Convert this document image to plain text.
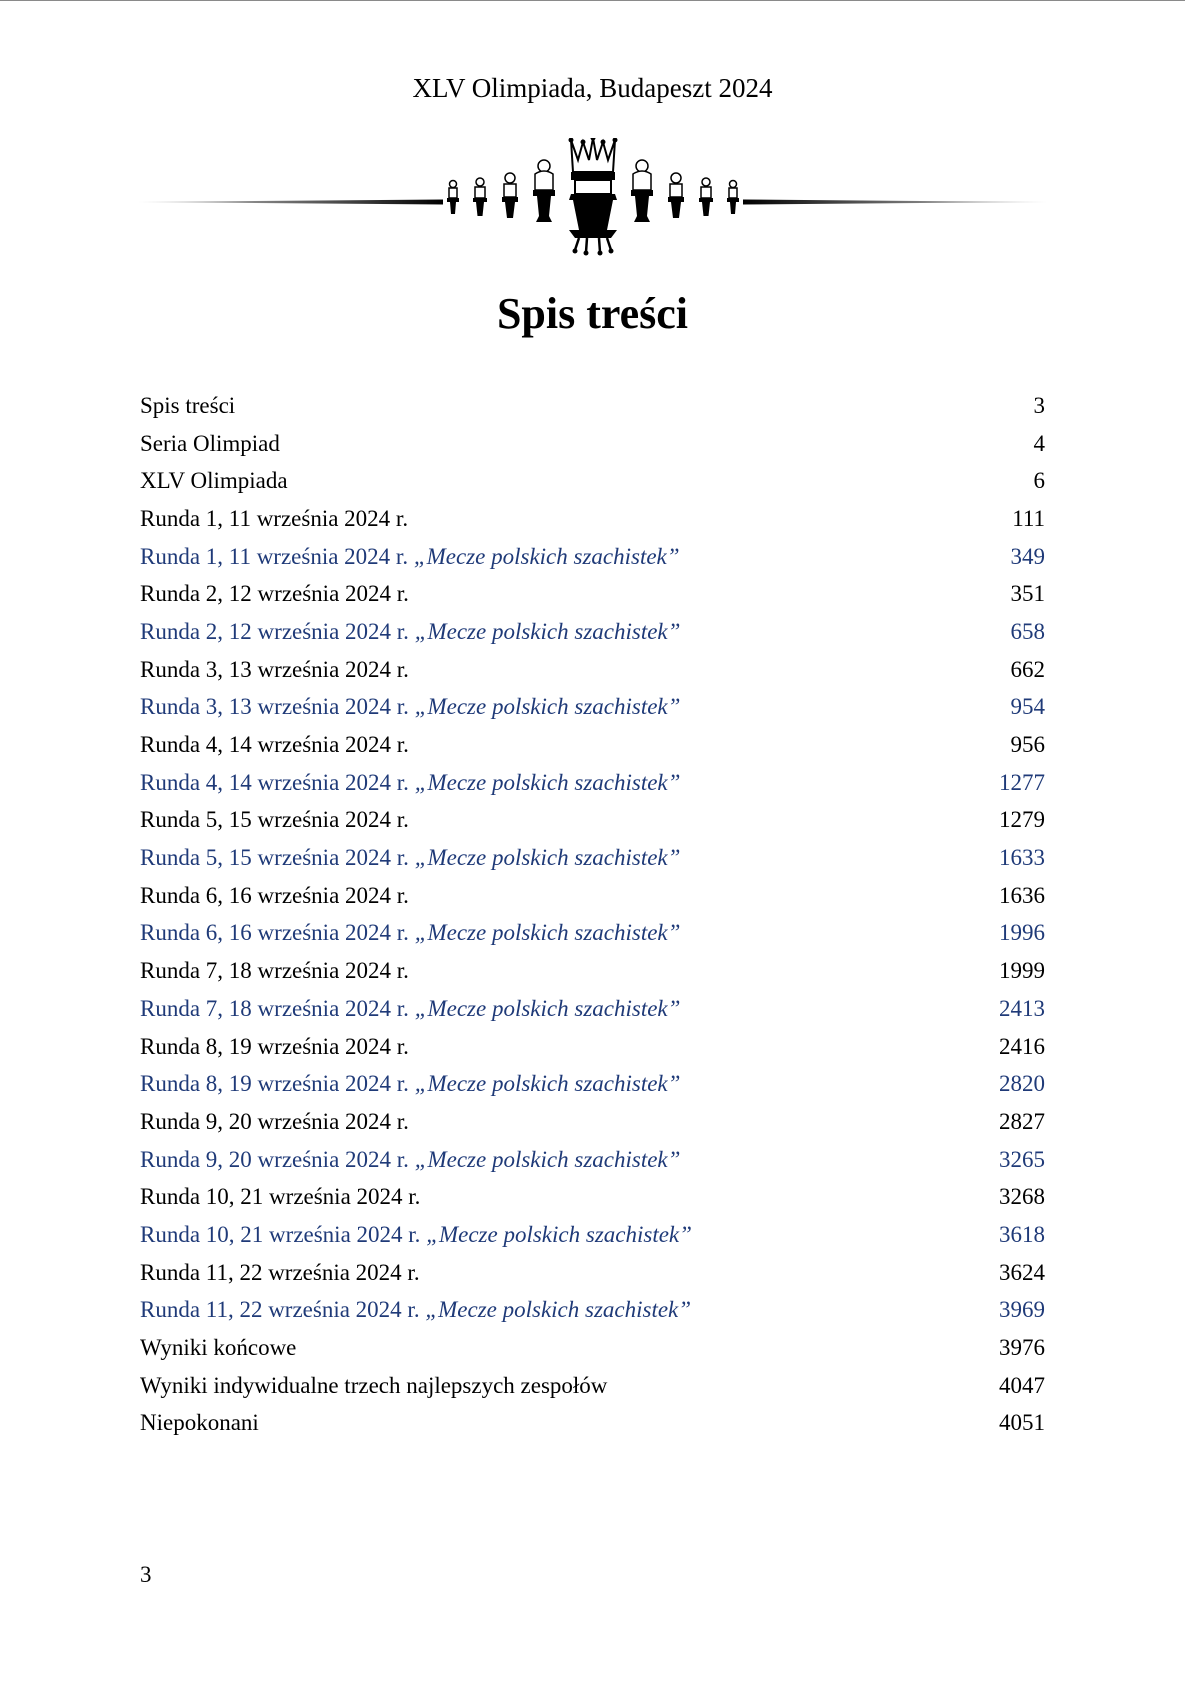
XLV Olimpiada, Budapeszt 2024
Spis treści
Spis treści	3
Seria Olimpiad	4
XLV Olimpiada	6
Runda 1, 11 września 2024 r.	111
Runda 1, 11 września 2024 r. „Mecze polskich szachistek”	349
Runda 2, 12 września 2024 r.	351
Runda 2, 12 września 2024 r. „Mecze polskich szachistek”	658
Runda 3, 13 września 2024 r.	662
Runda 3, 13 września 2024 r. „Mecze polskich szachistek”	954
Runda 4, 14 września 2024 r.	956
Runda 4, 14 września 2024 r. „Mecze polskich szachistek”	1277
Runda 5, 15 września 2024 r.	1279
Runda 5, 15 września 2024 r. „Mecze polskich szachistek”	1633
Runda 6, 16 września 2024 r.	1636
Runda 6, 16 września 2024 r. „Mecze polskich szachistek”	1996
Runda 7, 18 września 2024 r.	1999
Runda 7, 18 września 2024 r. „Mecze polskich szachistek”	2413
Runda 8, 19 września 2024 r.	2416
Runda 8, 19 września 2024 r. „Mecze polskich szachistek”	2820
Runda 9, 20 września 2024 r.	2827
Runda 9, 20 września 2024 r. „Mecze polskich szachistek”	3265
Runda 10, 21 września 2024 r.	3268
Runda 10, 21 września 2024 r. „Mecze polskich szachistek”	3618
Runda 11, 22 września 2024 r.	3624
Runda 11, 22 września 2024 r. „Mecze polskich szachistek”	3969
Wyniki końcowe	3976
Wyniki indywidualne trzech najlepszych zespołów	4047
Niepokonani	4051
3
